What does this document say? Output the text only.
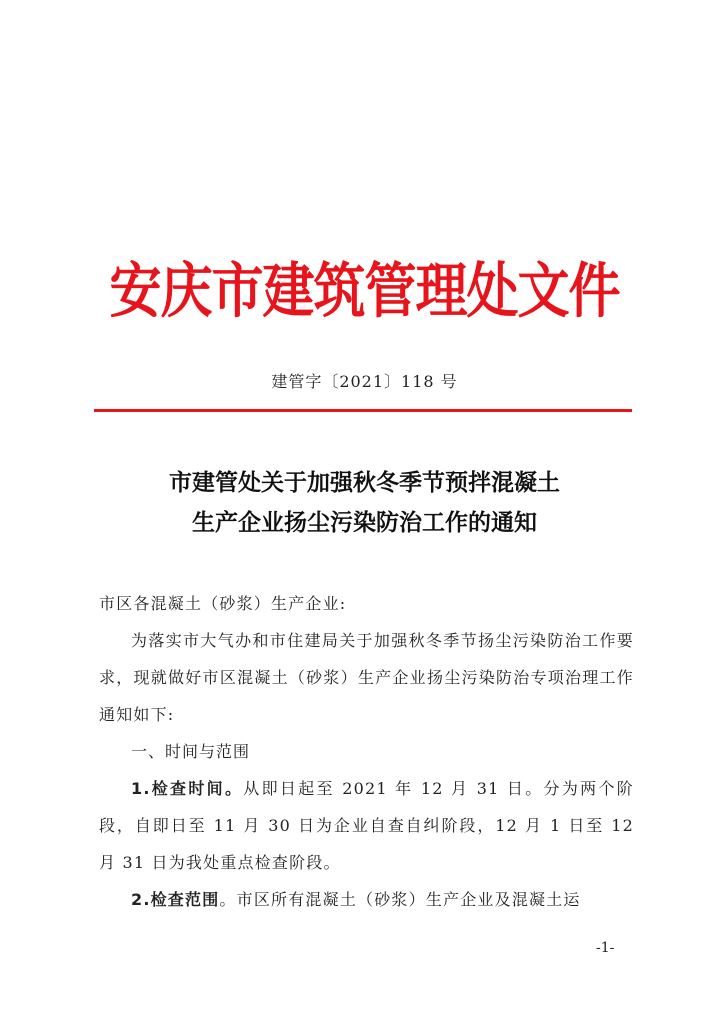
安庆市建筑管理处文件
建管字〔2021〕118 号
市建管处关于加强秋冬季节预拌混凝土
生产企业扬尘污染防治工作的通知

市区各混凝土（砂浆）生产企业:

为落实市大气办和市住建局关于加强秋冬季节扬尘污染防治工作要求，现就做好市区混凝土（砂浆）生产企业扬尘污染防治专项治理工作通知如下:

一、时间与范围

1.检查时间。从即日起至 2021 年 12 月 31 日。分为两个阶段，自即日至 11 月 30 日为企业自查自纠阶段，12 月 1 日至 12 月 31 日为我处重点检查阶段。

2.检查范围。市区所有混凝土（砂浆）生产企业及混凝土运

-1-
